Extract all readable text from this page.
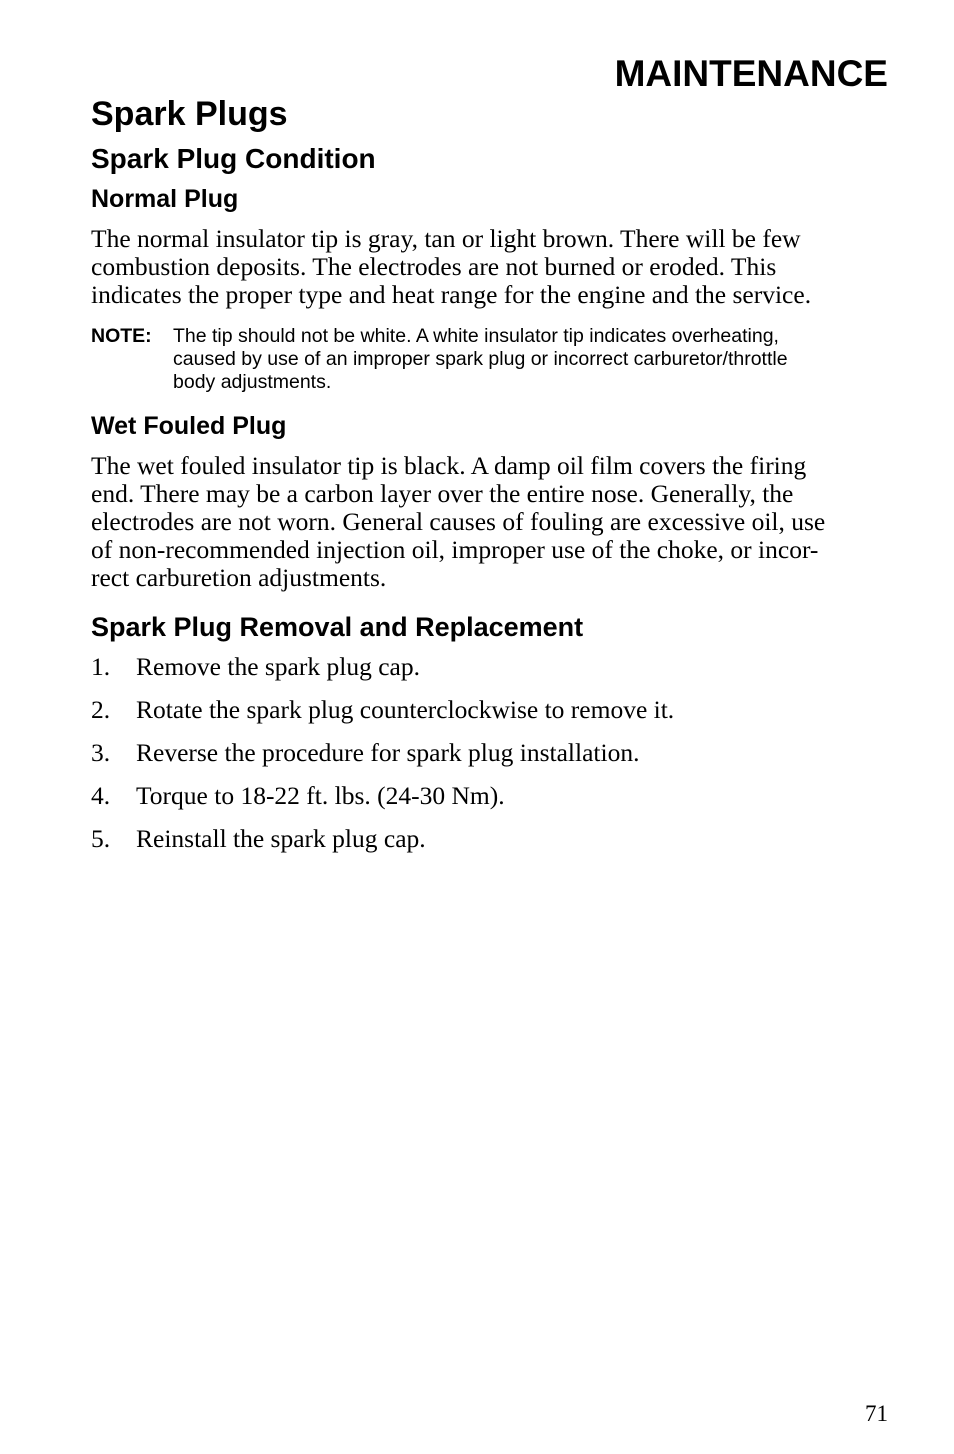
MAINTENANCE
Spark Plugs
Spark Plug Condition
Normal Plug
The normal insulator tip is gray, tan or light brown. There will be few
combustion deposits. The electrodes are not burned or eroded. This
indicates the proper type and heat range for the engine and the service.
NOTE: The tip should not be white. A white insulator tip indicates overheating,
caused by use of an improper spark plug or incorrect carburetor/throttle
body adjustments.
Wet Fouled Plug
The wet fouled insulator tip is black. A damp oil film covers the firing
end. There may be a carbon layer over the entire nose. Generally, the
electrodes are not worn. General causes of fouling are excessive oil, use
of non-recommended injection oil, improper use of the choke, or incor-
rect carburetion adjustments.
Spark Plug Removal and Replacement
1. Remove the spark plug cap.
2. Rotate the spark plug counterclockwise to remove it.
3. Reverse the procedure for spark plug installation.
4. Torque to 18-22 ft. lbs. (24-30 Nm).
5. Reinstall the spark plug cap.
71
